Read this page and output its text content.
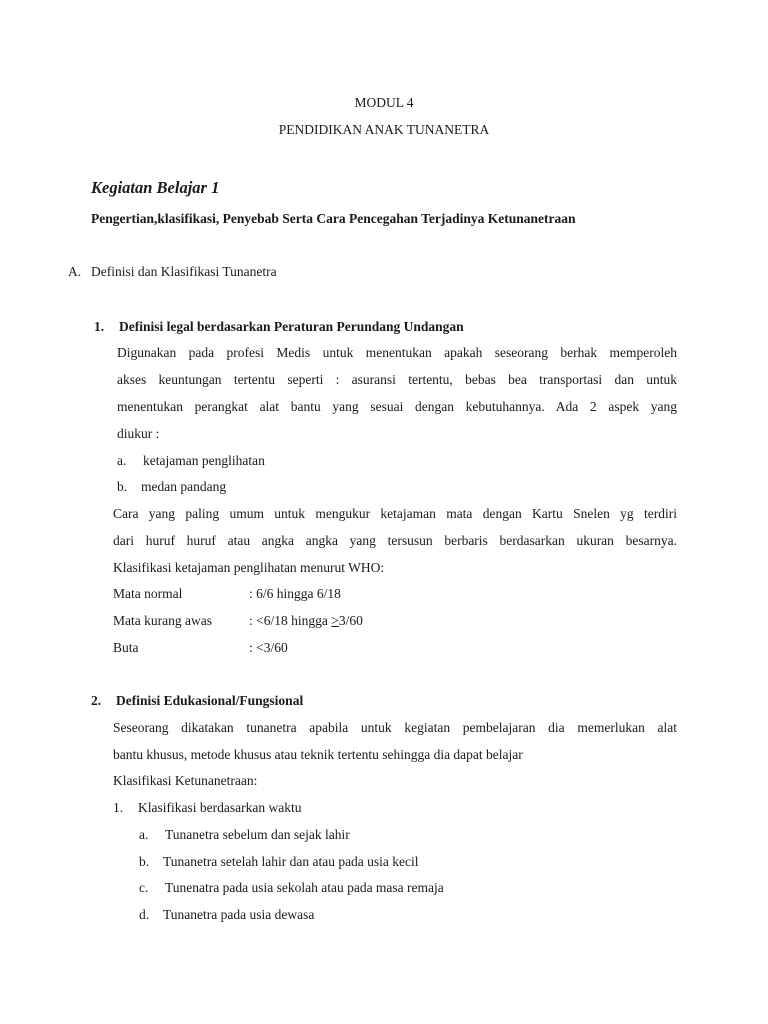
MODUL 4
PENDIDIKAN ANAK TUNANETRA
Kegiatan Belajar 1
Pengertian,klasifikasi, Penyebab Serta Cara Pencegahan Terjadinya Ketunanetraan
A. Definisi dan Klasifikasi Tunanetra
1. Definisi legal berdasarkan Peraturan Perundang Undangan
Digunakan pada profesi Medis untuk menentukan apakah seseorang berhak memperoleh
akses keuntungan tertentu seperti : asuransi tertentu, bebas bea transportasi dan untuk
menentukan perangkat alat bantu yang sesuai dengan kebutuhannya. Ada 2 aspek yang
diukur :
a. ketajaman penglihatan
b. medan pandang
Cara yang paling umum untuk mengukur ketajaman mata dengan Kartu Snelen yg terdiri
dari huruf huruf atau angka angka yang tersusun berbaris berdasarkan ukuran besarnya.
Klasifikasi ketajaman penglihatan menurut WHO:
Mata normal	: 6/6 hingga 6/18
Mata kurang awas	: <6/18 hingga >3/60
Buta	: <3/60
2. Definisi Edukasional/Fungsional
Seseorang dikatakan tunanetra apabila untuk kegiatan pembelajaran dia memerlukan alat
bantu khusus, metode khusus atau teknik tertentu sehingga dia dapat belajar
Klasifikasi Ketunanetraan:
1. Klasifikasi berdasarkan waktu
a. Tunanetra sebelum dan sejak lahir
b. Tunanetra setelah lahir dan atau pada usia kecil
c. Tunenatra pada usia sekolah atau pada masa remaja
d. Tunanetra pada usia dewasa
